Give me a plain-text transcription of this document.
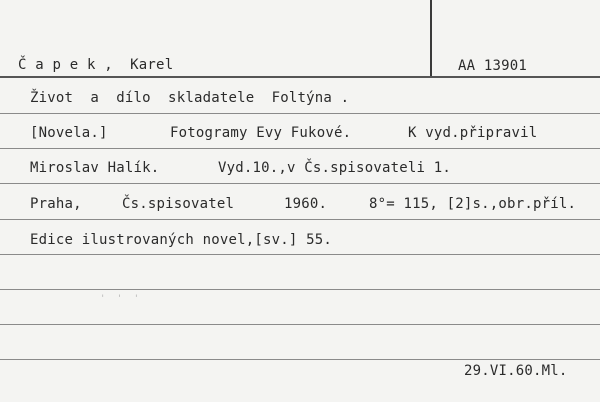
Č a p e k ,  Karel	AA 13901
Život  a  dílo  skladatele  Foltýna .
[Novela.]	Fotogramy Evy Fukové.	K vyd.připravil
Miroslav Halík.	Vyd.10.,v Čs.spisovateli 1.
Praha,	Čs.spisovatel	1960.	8°= 115, [2]s.,obr.příl.
Edice ilustrovaných novel,[sv.] 55.
' ' '
29.VI.60.Ml.
